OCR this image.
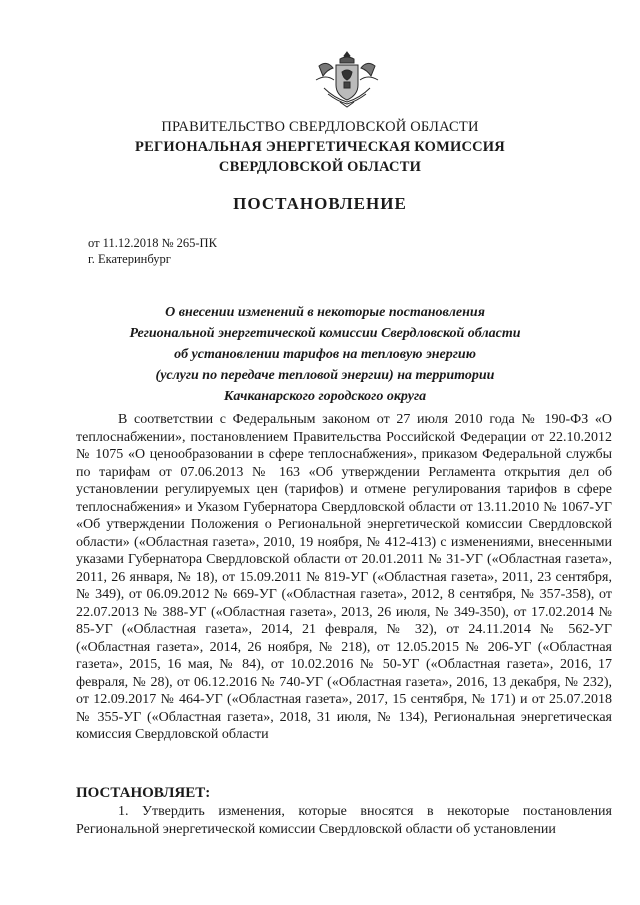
ПРАВИТЕЛЬСТВО СВЕРДЛОВСКОЙ ОБЛАСТИ
РЕГИОНАЛЬНАЯ ЭНЕРГЕТИЧЕСКАЯ КОМИССИЯ
СВЕРДЛОВСКОЙ ОБЛАСТИ
ПОСТАНОВЛЕНИЕ
от 11.12.2018 № 265-ПК
г. Екатеринбург
О внесении изменений в некоторые постановления
Региональной энергетической комиссии Свердловской области
об установлении тарифов на тепловую энергию
(услуги по передаче тепловой энергии) на территории
Качканарского городского округа
В соответствии с Федеральным законом от 27 июля 2010 года № 190-ФЗ «О теплоснабжении», постановлением Правительства Российской Федерации от 22.10.2012 № 1075 «О ценообразовании в сфере теплоснабжения», приказом Федеральной службы по тарифам от 07.06.2013 № 163 «Об утверждении Регламента открытия дел об установлении регулируемых цен (тарифов) и отмене регулирования тарифов в сфере теплоснабжения» и Указом Губернатора Свердловской области от 13.11.2010 № 1067-УГ «Об утверждении Положения о Региональной энергетической комиссии Свердловской области» («Областная газета», 2010, 19 ноября, № 412-413) с изменениями, внесенными указами Губернатора Свердловской области от 20.01.2011 № 31-УГ («Областная газета», 2011, 26 января, № 18), от 15.09.2011 № 819-УГ («Областная газета», 2011, 23 сентября, № 349), от 06.09.2012 № 669-УГ («Областная газета», 2012, 8 сентября, № 357-358), от 22.07.2013 № 388-УГ («Областная газета», 2013, 26 июля, № 349-350), от 17.02.2014 № 85-УГ («Областная газета», 2014, 21 февраля, № 32), от 24.11.2014 № 562-УГ («Областная газета», 2014, 26 ноября, № 218), от 12.05.2015 № 206-УГ («Областная газета», 2015, 16 мая, № 84), от 10.02.2016 № 50-УГ («Областная газета», 2016, 17 февраля, № 28), от 06.12.2016 № 740-УГ («Областная газета», 2016, 13 декабря, № 232), от 12.09.2017 № 464-УГ («Областная газета», 2017, 15 сентября, № 171) и от 25.07.2018 № 355-УГ («Областная газета», 2018, 31 июля, № 134), Региональная энергетическая комиссия Свердловской области
ПОСТАНОВЛЯЕТ:
1. Утвердить изменения, которые вносятся в некоторые постановления Региональной энергетической комиссии Свердловской области об установлении
